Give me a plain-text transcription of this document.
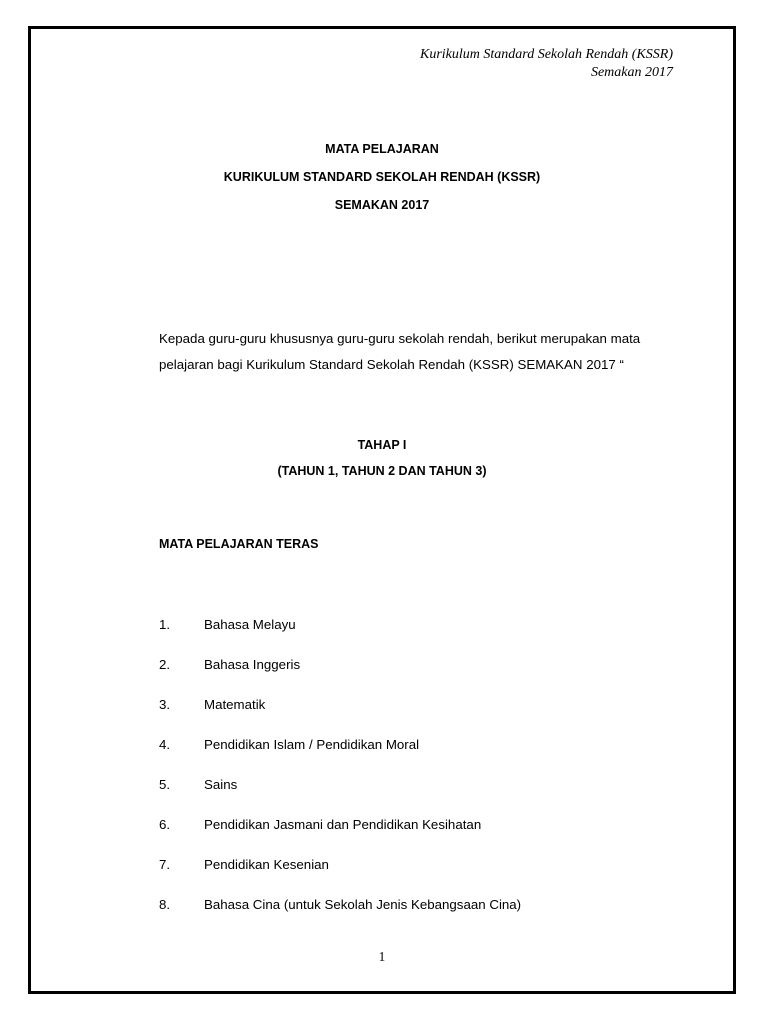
Kurikulum Standard Sekolah Rendah (KSSR)
Semakan 2017
MATA PELAJARAN
KURIKULUM STANDARD SEKOLAH RENDAH (KSSR)
SEMAKAN 2017
Kepada guru-guru khususnya guru-guru sekolah rendah, berikut merupakan mata
pelajaran bagi Kurikulum Standard Sekolah Rendah (KSSR) SEMAKAN 2017 “
TAHAP I
(TAHUN 1, TAHUN 2 DAN TAHUN 3)
MATA PELAJARAN TERAS
1.	Bahasa Melayu
2.	Bahasa Inggeris
3.	Matematik
4.	Pendidikan Islam / Pendidikan Moral
5.	Sains
6.	Pendidikan Jasmani dan Pendidikan Kesihatan
7.	Pendidikan Kesenian
8.	Bahasa Cina (untuk Sekolah Jenis Kebangsaan Cina)
1
